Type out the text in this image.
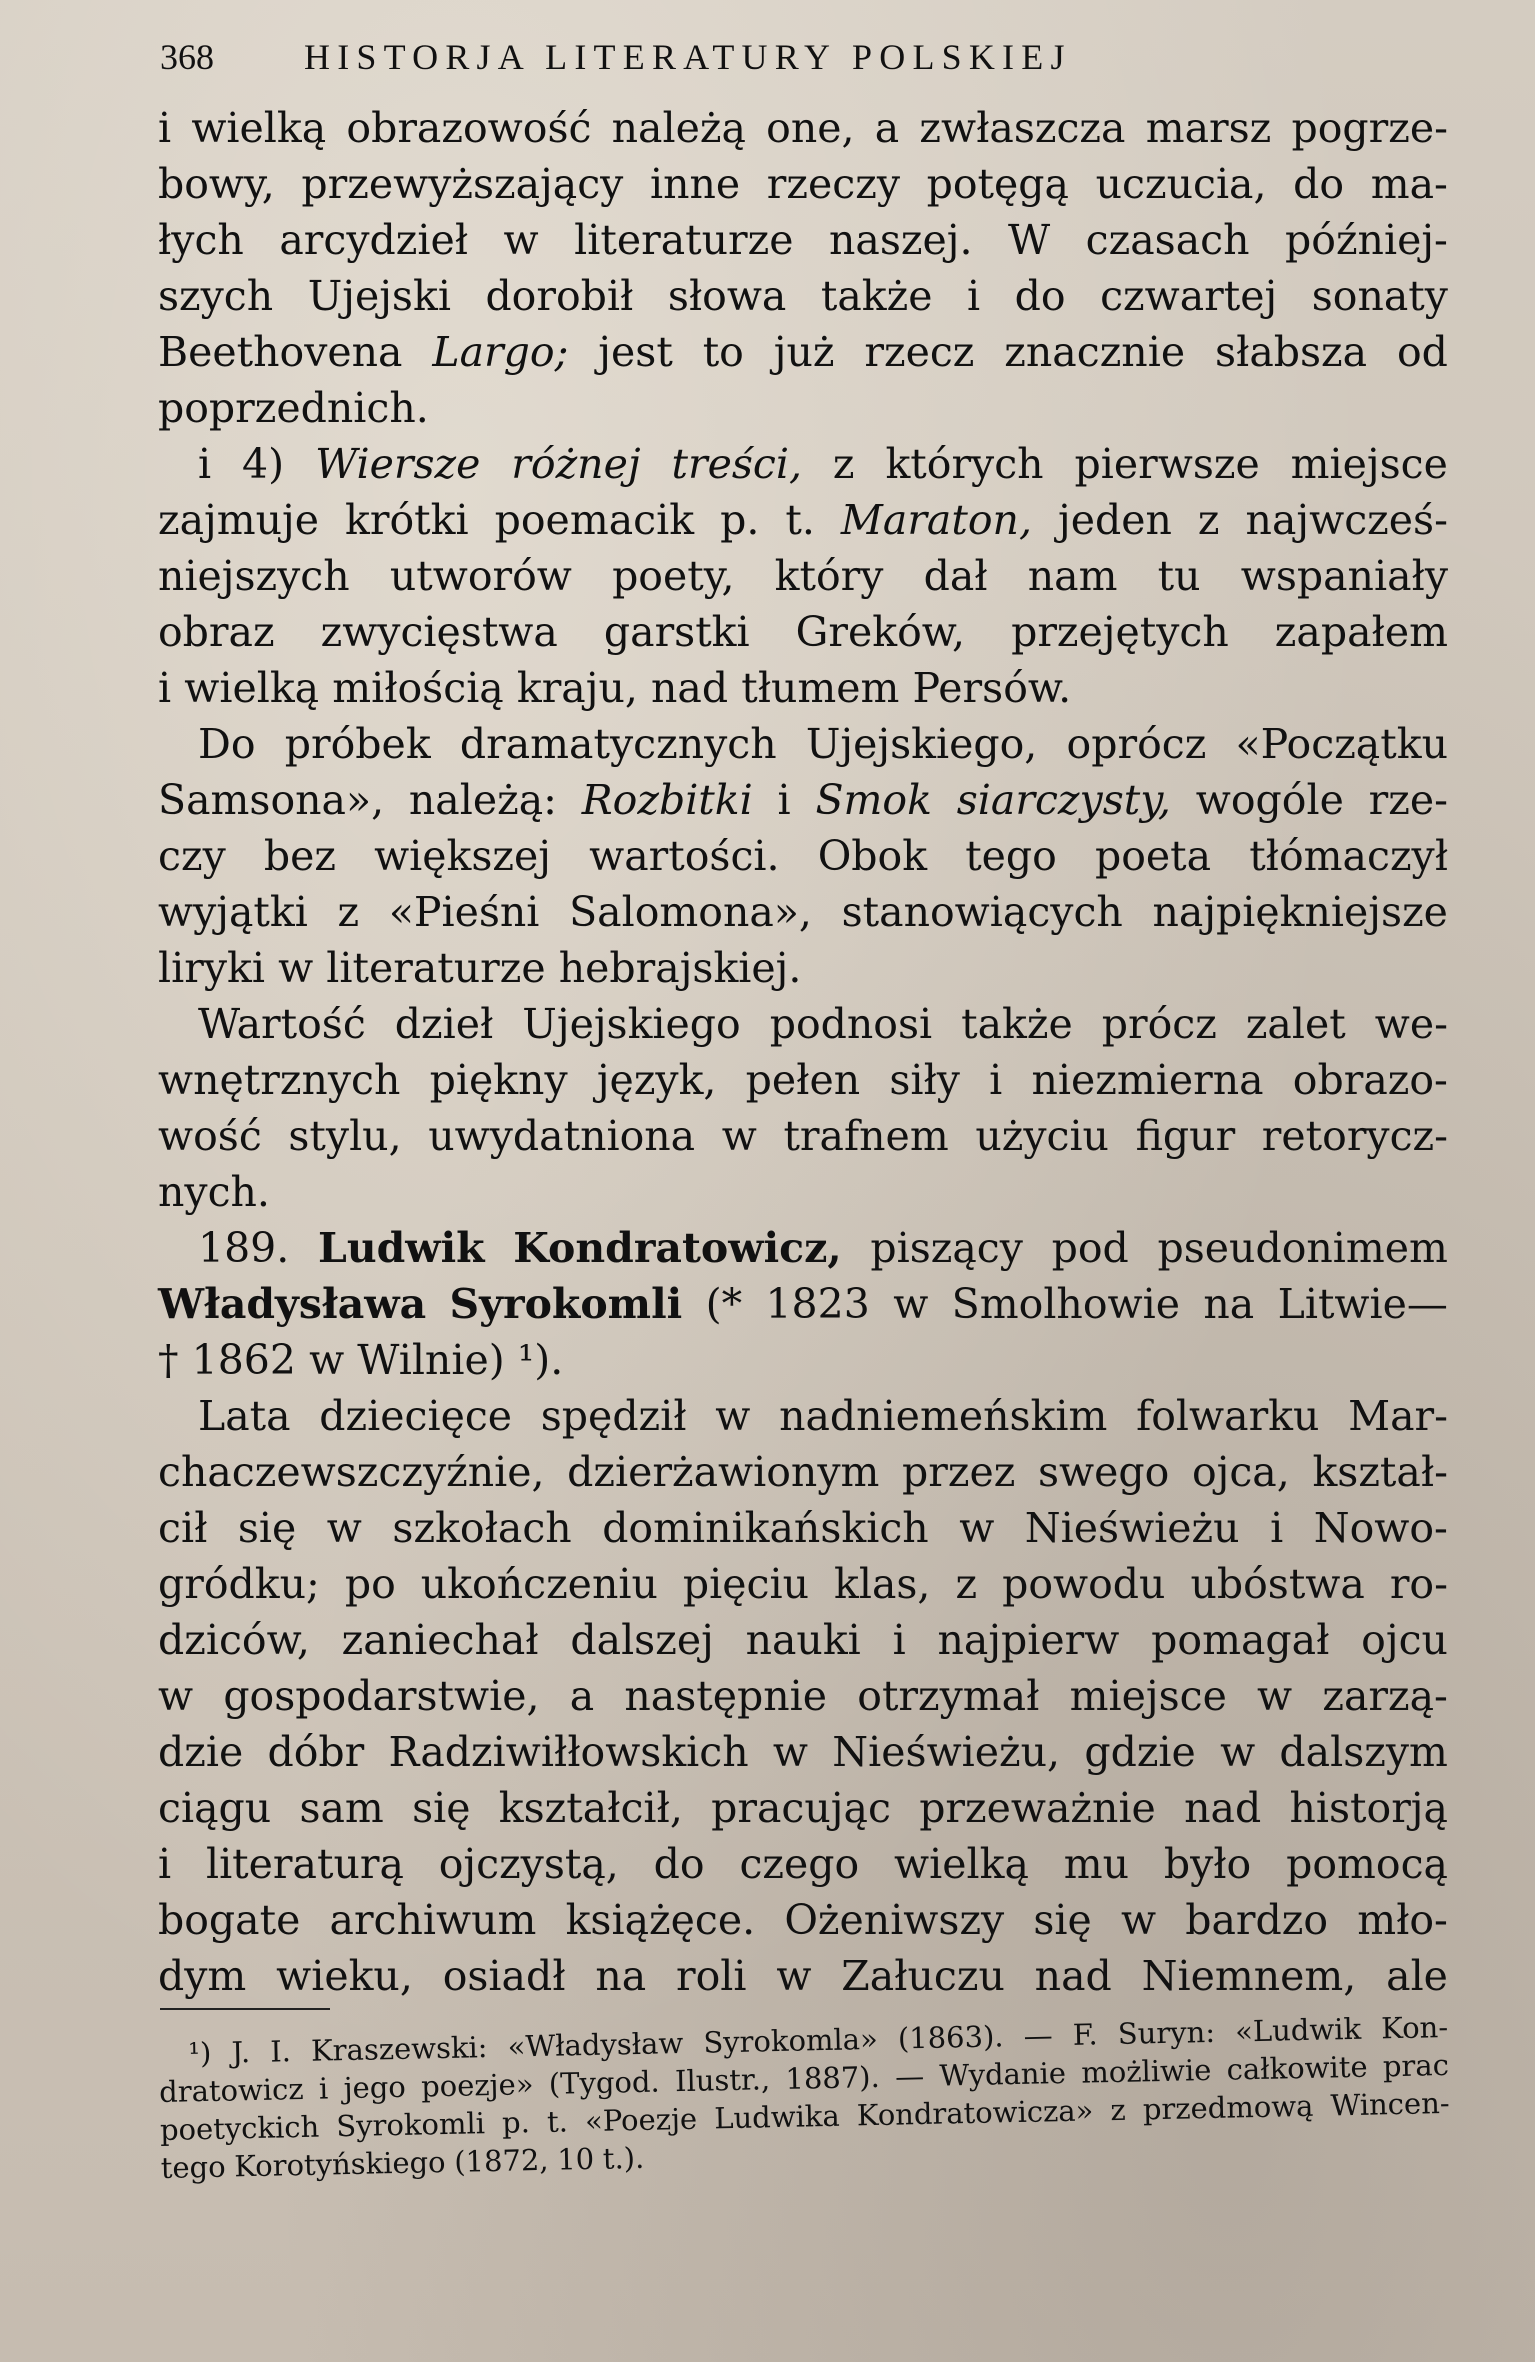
368	HISTORJA LITERATURY POLSKIEJ
i wielką obrazowość należą one, a zwłaszcza marsz pogrze-
bowy, przewyższający inne rzeczy potęgą uczucia, do ma-
łych arcydzieł w literaturze naszej. W czasach później-
szych Ujejski dorobił słowa także i do czwartej sonaty
Beethovena Largo; jest to już rzecz znacznie słabsza od
poprzednich.
i 4) Wiersze różnej treści, z których pierwsze miejsce
zajmuje krótki poemacik p. t. Maraton, jeden z najwcześ-
niejszych utworów poety, który dał nam tu wspaniały
obraz zwycięstwa garstki Greków, przejętych zapałem
i wielką miłością kraju, nad tłumem Persów.
Do próbek dramatycznych Ujejskiego, oprócz «Początku
Samsona», należą: Rozbitki i Smok siarczysty, wogóle rze-
czy bez większej wartości. Obok tego poeta tłómaczył
wyjątki z «Pieśni Salomona», stanowiących najpiękniejsze
liryki w literaturze hebrajskiej.
Wartość dzieł Ujejskiego podnosi także prócz zalet we-
wnętrznych piękny język, pełen siły i niezmierna obrazo-
wość stylu, uwydatniona w trafnem użyciu figur retorycz-
nych.
189. Ludwik Kondratowicz, piszący pod pseudonimem
Władysława Syrokomli (* 1823 w Smolhowie na Litwie—
† 1862 w Wilnie) ¹).
Lata dziecięce spędził w nadniemeńskim folwarku Mar-
chaczewszczyźnie, dzierżawionym przez swego ojca, kształ-
cił się w szkołach dominikańskich w Nieświeżu i Nowo-
gródku; po ukończeniu pięciu klas, z powodu ubóstwa ro-
dziców, zaniechał dalszej nauki i najpierw pomagał ojcu
w gospodarstwie, a następnie otrzymał miejsce w zarzą-
dzie dóbr Radziwiłłowskich w Nieświeżu, gdzie w dalszym
ciągu sam się kształcił, pracując przeważnie nad historją
i literaturą ojczystą, do czego wielką mu było pomocą
bogate archiwum książęce. Ożeniwszy się w bardzo mło-
dym wieku, osiadł na roli w Załuczu nad Niemnem, ale
¹) J. I. Kraszewski: «Władysław Syrokomla» (1863). — F. Suryn: «Ludwik Kon-
dratowicz i jego poezje» (Tygod. Ilustr., 1887). — Wydanie możliwie całkowite prac
poetyckich Syrokomli p. t. «Poezje Ludwika Kondratowicza» z przedmową Wincen-
tego Korotyńskiego (1872, 10 t.).
